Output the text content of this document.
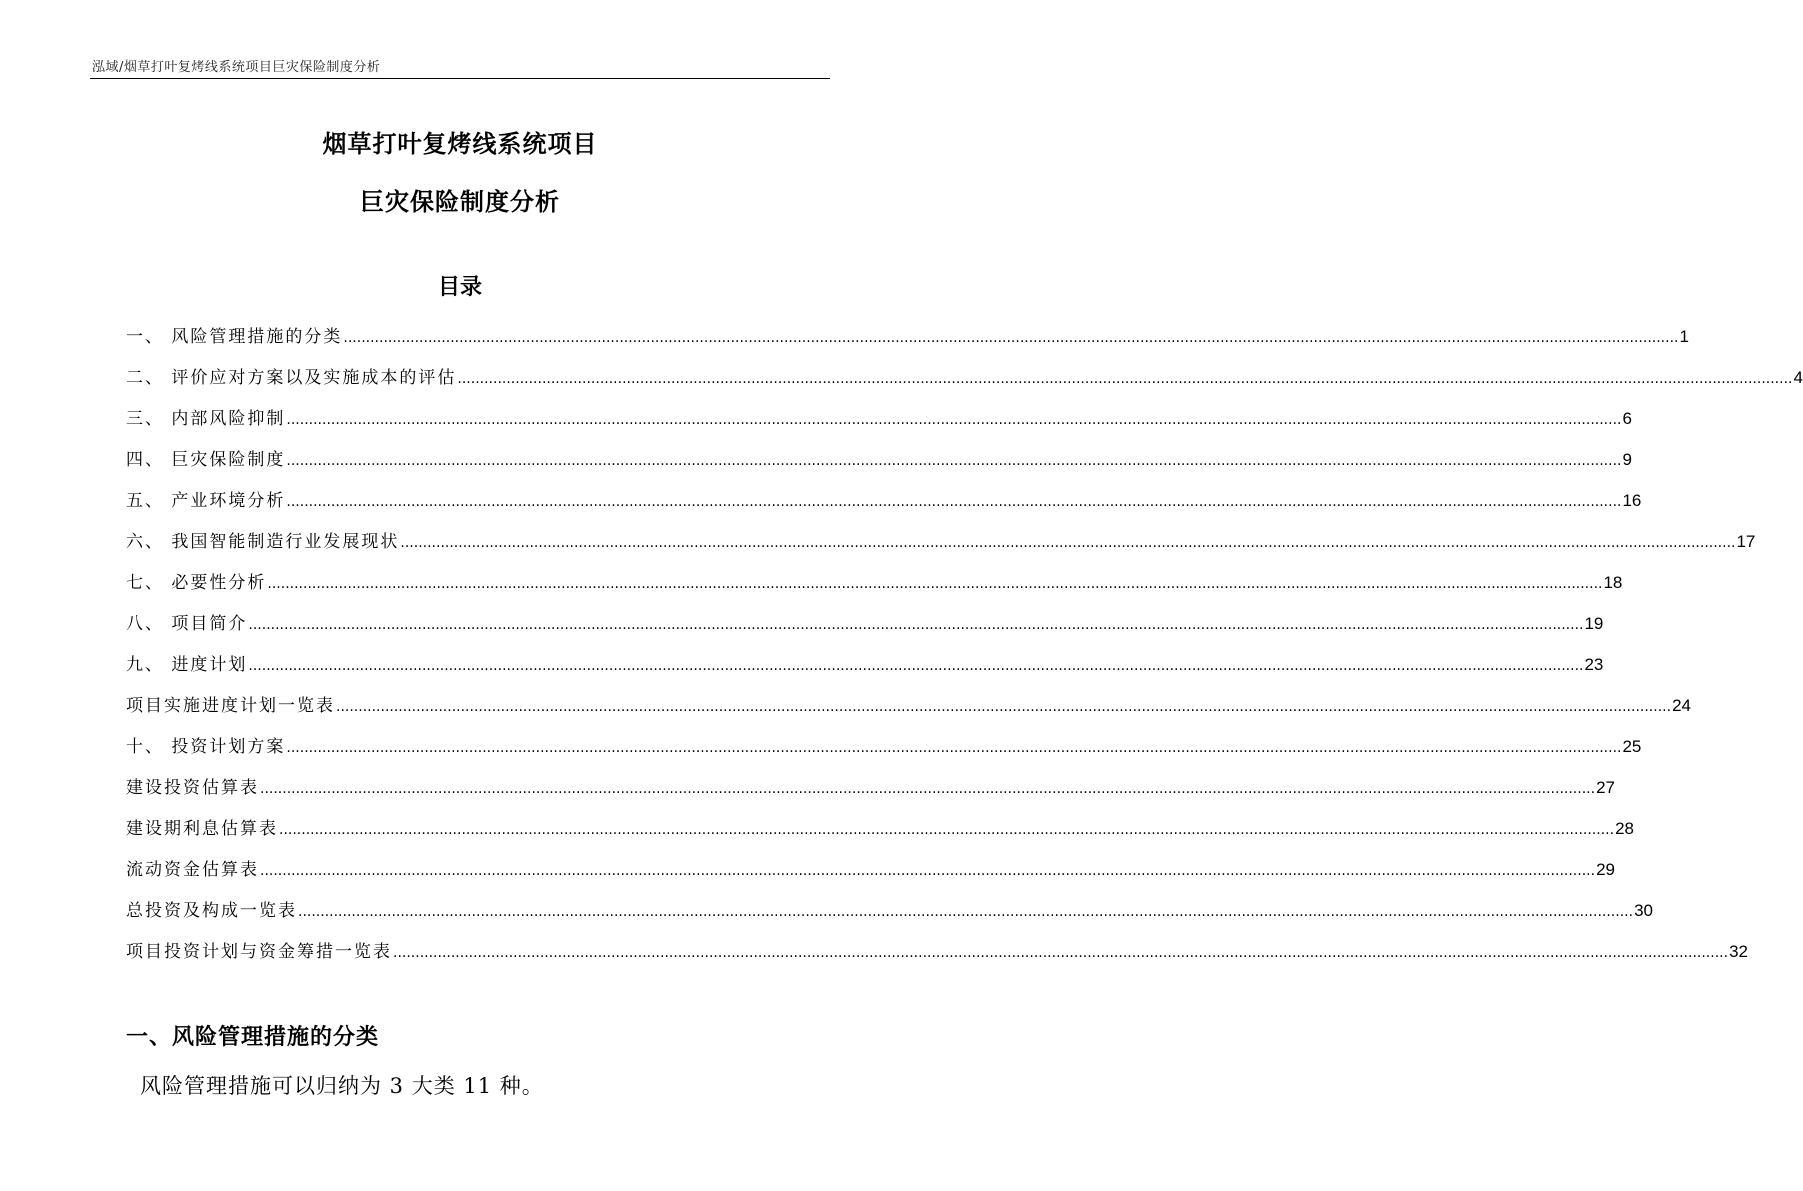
泓域/烟草打叶复烤线系统项目巨灾保险制度分析
烟草打叶复烤线系统项目
巨灾保险制度分析
目录
一、 风险管理措施的分类 ............................................................................................................................................................................................................................................................................................................ 1
二、 评价应对方案以及实施成本的评估 ............................................................................................................................................................................................................................................................................................................ 4
三、 内部风险抑制 ............................................................................................................................................................................................................................................................................................................ 6
四、 巨灾保险制度 ............................................................................................................................................................................................................................................................................................................ 9
五、 产业环境分析 ............................................................................................................................................................................................................................................................................................................ 16
六、 我国智能制造行业发展现状 ............................................................................................................................................................................................................................................................................................................ 17
七、 必要性分析 ............................................................................................................................................................................................................................................................................................................ 18
八、 项目简介 ............................................................................................................................................................................................................................................................................................................ 19
九、 进度计划 ............................................................................................................................................................................................................................................................................................................ 23
项目实施进度计划一览表 ............................................................................................................................................................................................................................................................................................................ 24
十、 投资计划方案 ............................................................................................................................................................................................................................................................................................................ 25
建设投资估算表 ............................................................................................................................................................................................................................................................................................................ 27
建设期利息估算表 ............................................................................................................................................................................................................................................................................................................ 28
流动资金估算表 ............................................................................................................................................................................................................................................................................................................ 29
总投资及构成一览表 ............................................................................................................................................................................................................................................................................................................ 30
项目投资计划与资金筹措一览表 ............................................................................................................................................................................................................................................................................................................ 32
一、风险管理措施的分类
风险管理措施可以归纳为 3 大类 11 种。
